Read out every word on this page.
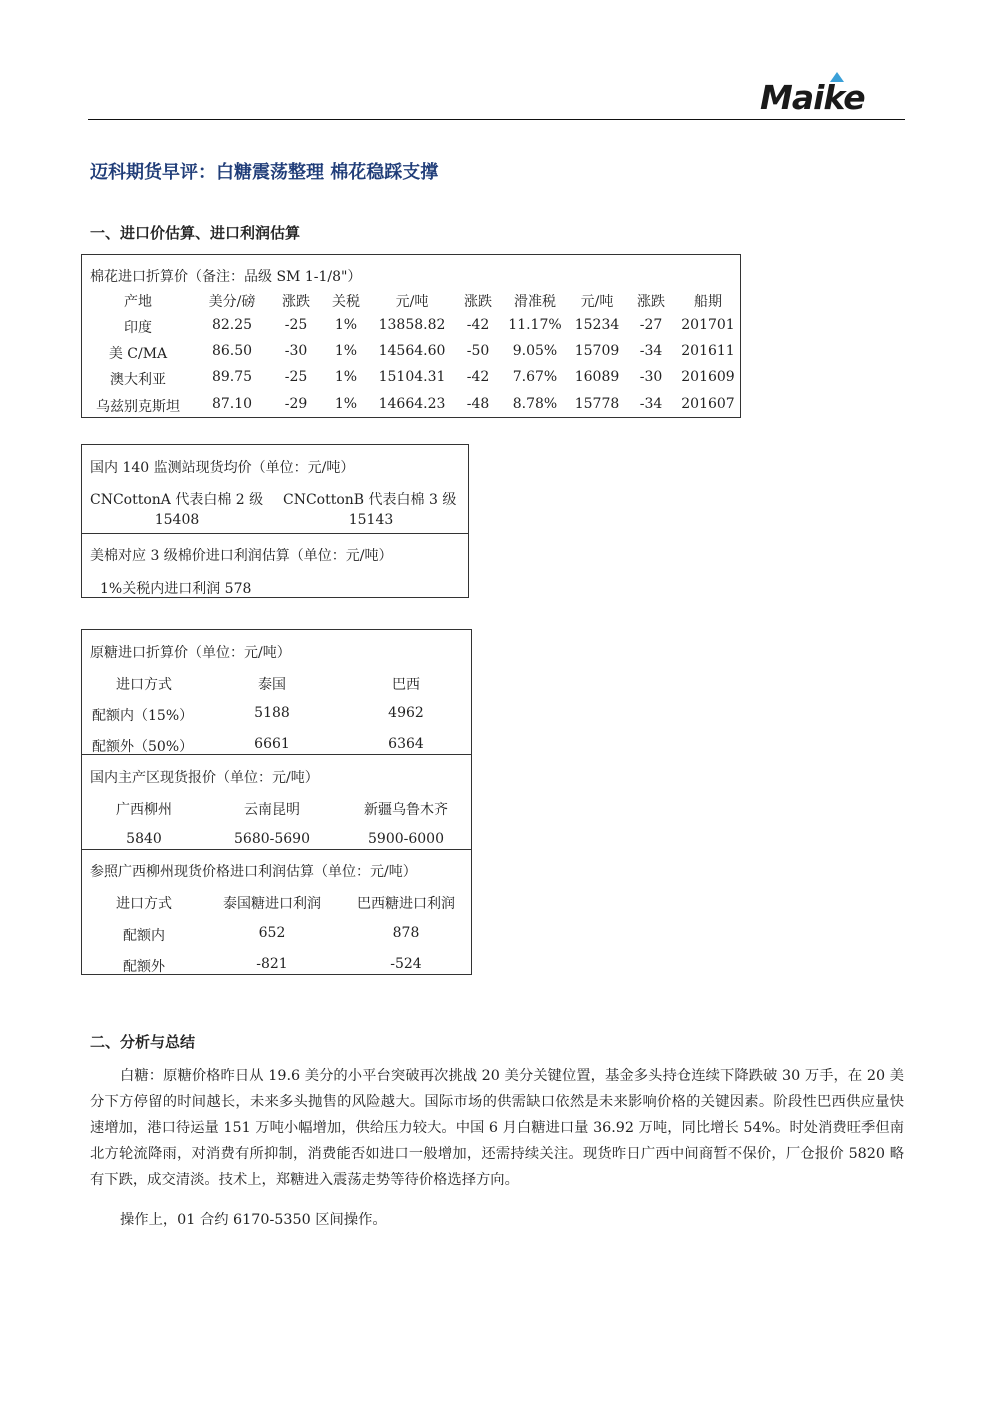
Maike
迈科期货早评：白糖震荡整理 棉花稳踩支撑
一、进口价估算、进口利润估算
棉花进口折算价（备注：品级 SM 1-1/8"）
产地	美分/磅	涨跌	关税	元/吨	涨跌	滑准税	元/吨	涨跌	船期
印度	82.25	-25	1%	13858.82	-42	11.17% 15234	-27	201701
美 C/MA	86.50	-30	1%	14564.60	-50	9.05%	15709	-34	201611
澳大利亚	89.75	-25	1%	15104.31	-42	7.67%	16089	-30	201609
乌兹别克斯坦	87.10	-29	1%	14664.23	-48	8.78%	15778	-34	201607
国内 140 监测站现货均价（单位：元/吨）
CNCottonA 代表白棉 2 级 CNCottonB 代表白棉 3 级
15408	15143
美棉对应 3 级棉价进口利润估算（单位：元/吨）
1%关税内进口利润 578
原糖进口折算价（单位：元/吨）
进口方式	泰国	巴西
配额内（15%）	5188	4962
配额外（50%）	6661	6364
国内主产区现货报价（单位：元/吨）
广西柳州	云南昆明	新疆乌鲁木齐
5840	5680-5690	5900-6000
参照广西柳州现货价格进口利润估算（单位：元/吨）
进口方式	泰国糖进口利润	巴西糖进口利润
配额内	652	878
配额外	-821	-524
二、分析与总结

白糖：原糖价格昨日从 19.6 美分的小平台突破再次挑战 20 美分关键位置，基金多头持仓连续下降跌破 30 万手，在 20 美分下方停留的时间越长，未来多头抛售的风险越大。国际市场的供需缺口依然是未来影响价格的关键因素。阶段性巴西供应量快速增加，港口待运量 151 万吨小幅增加，供给压力较大。中国 6 月白糖进口量 36.92 万吨，同比增长 54%。时处消费旺季但南北方轮流降雨，对消费有所抑制，消费能否如进口一般增加，还需持续关注。现货昨日广西中间商暂不保价，厂仓报价 5820 略有下跌，成交清淡。技术上，郑糖进入震荡走势等待价格选择方向。

操作上，01 合约 6170-5350 区间操作。
